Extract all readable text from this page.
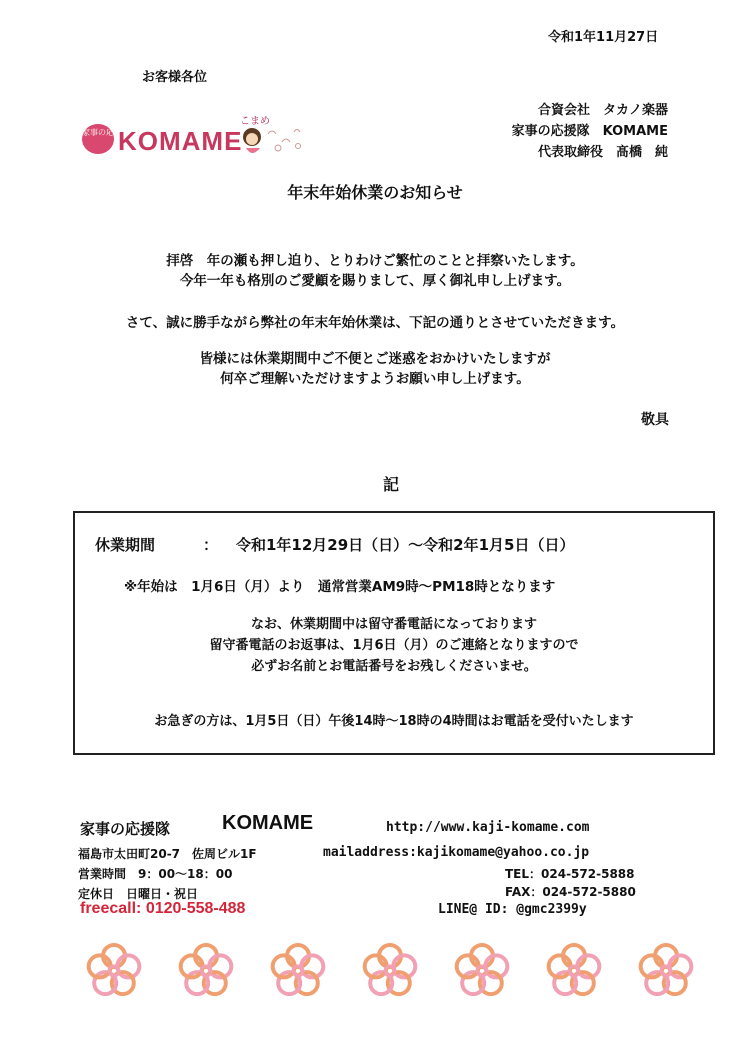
令和1年11月27日
お客様各位
合資会社　タカノ楽器
家事の応援隊　KOMAME
代表取締役　髙橋　純
こまめ
家事の応援隊
KOMAME
年末年始休業のお知らせ
拝啓　年の瀬も押し迫り、とりわけご繁忙のことと拝察いたします。
今年一年も格別のご愛顧を賜りまして、厚く御礼申し上げます。
さて、誠に勝手ながら弊社の年末年始休業は、下記の通りとさせていただきます。
皆様には休業期間中ご不便とご迷惑をおかけいたしますが
何卒ご理解いただけますようお願い申し上げます。
敬具
記
休業期間	： 令和1年12月29日（日）～令和2年1月5日（日）
※年始は　1月6日（月）より　通常営業AM9時～PM18時となります
なお、休業期間中は留守番電話になっております
留守番電話のお返事は、1月6日（月）のご連絡となりますので
必ずお名前とお電話番号をお残しくださいませ。
お急ぎの方は、1月5日（日）午後14時～18時の4時間はお電話を受付いたします
家事の応援隊	KOMAME	http://www.kaji-komame.com
福島市太田町20-7　佐周ビル1F	mailaddress:kajikomame@yahoo.co.jp
営業時間　9：00～18：00	TEL：024-572-5888
定休日　日曜日・祝日	FAX：024-572-5880
freecall: 0120-558-488	LINE@ ID: @gmc2399y
